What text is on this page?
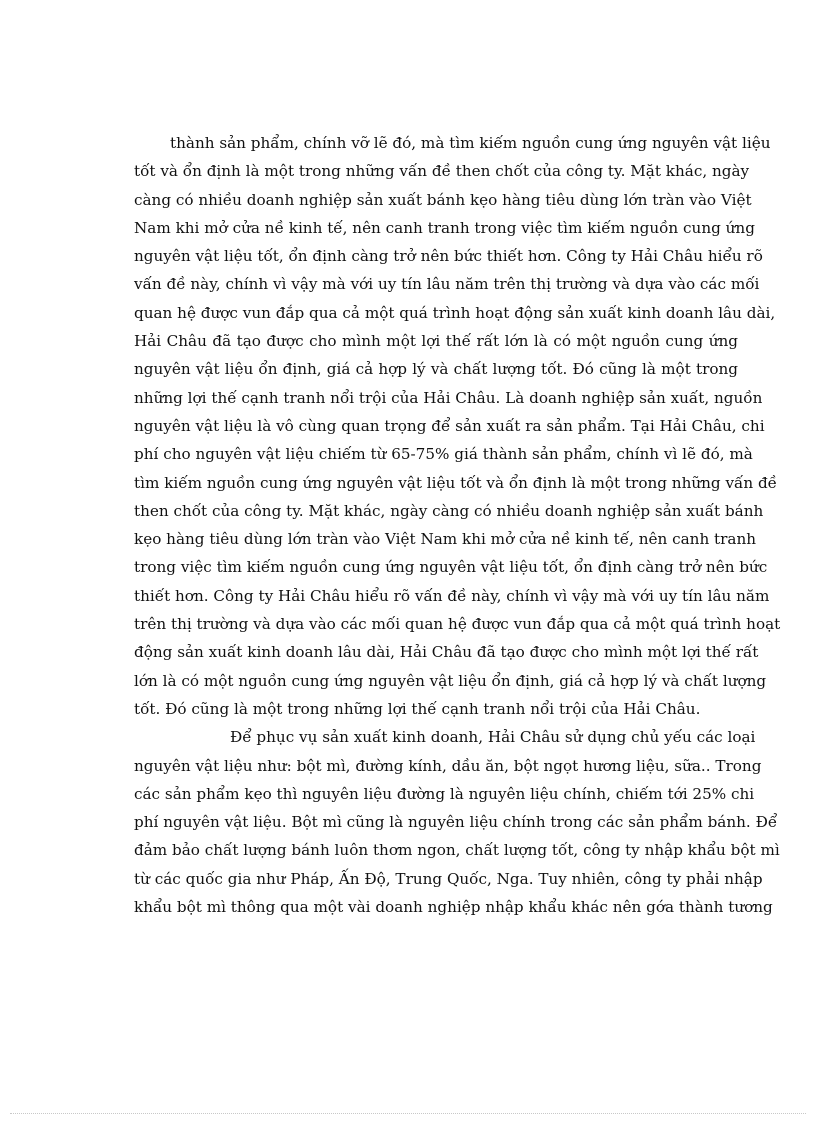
thành sản phẩm, chính vỡ lẽ đó, mà tìm kiếm nguồn cung ứng nguyên vật liệu
tốt và ổn định là một trong những vấn đề then chốt của công ty. Mặt khác, ngày
càng có nhiều doanh nghiệp sản xuất bánh kẹo hàng tiêu dùng lớn tràn vào Việt
Nam khi mở cửa nề kinh tế, nên canh tranh trong việc tìm kiếm nguồn cung ứng
nguyên vật liệu tốt, ổn định càng trở nên bức thiết hơn. Công ty Hải Châu hiểu rõ
vấn đề này, chính vì vậy mà với uy tín lâu năm trên thị trường và dựa vào các mối
quan hệ được vun đắp qua cả một quá trình hoạt động sản xuất kinh doanh lâu dài,
Hải Châu đã tạo được cho mình một lợi thế rất lớn là có một nguồn cung ứng
nguyên vật liệu ổn định, giá cả hợp lý và chất lượng tốt. Đó cũng là một trong
những lợi thế cạnh tranh nổi trội của Hải Châu. Là doanh nghiệp sản xuất, nguồn
nguyên vật liệu là vô cùng quan trọng để sản xuất ra sản phẩm. Tại Hải Châu, chi
phí cho nguyên vật liệu chiếm từ 65-75% giá thành sản phẩm, chính vì lẽ đó, mà
tìm kiếm nguồn cung ứng nguyên vật liệu tốt và ổn định là một trong những vấn đề
then chốt của công ty. Mặt khác, ngày càng có nhiều doanh nghiệp sản xuất bánh
kẹo hàng tiêu dùng lớn tràn vào Việt Nam khi mở cửa nề kinh tế, nên canh tranh
trong việc tìm kiếm nguồn cung ứng nguyên vật liệu tốt, ổn định càng trở nên bức
thiết hơn. Công ty Hải Châu hiểu rõ vấn đề này, chính vì vậy mà với uy tín lâu năm
trên thị trường và dựa vào các mối quan hệ được vun đắp qua cả một quá trình hoạt
động sản xuất kinh doanh lâu dài, Hải Châu đã tạo được cho mình một lợi thế rất
lớn là có một nguồn cung ứng nguyên vật liệu ổn định, giá cả hợp lý và chất lượng
tốt. Đó cũng là một trong những lợi thế cạnh tranh nổi trội của Hải Châu.
Để phục vụ sản xuất kinh doanh, Hải Châu sử dụng chủ yếu các loại
nguyên vật liệu như: bột mì, đường kính, dầu ăn, bột ngọt hương liệu, sữa.. Trong
các sản phẩm kẹo thì nguyên liệu đường là nguyên liệu chính, chiếm tới 25% chi
phí nguyên vật liệu. Bột mì cũng là nguyên liệu chính trong các sản phẩm bánh. Để
đảm bảo chất lượng bánh luôn thơm ngon, chất lượng tốt, công ty nhập khẩu bột mì
từ các quốc gia như Pháp, Ấn Độ, Trung Quốc, Nga. Tuy nhiên, công ty phải nhập
khẩu bột mì thông qua một vài doanh nghiệp nhập khẩu khác nên gớa thành tương
